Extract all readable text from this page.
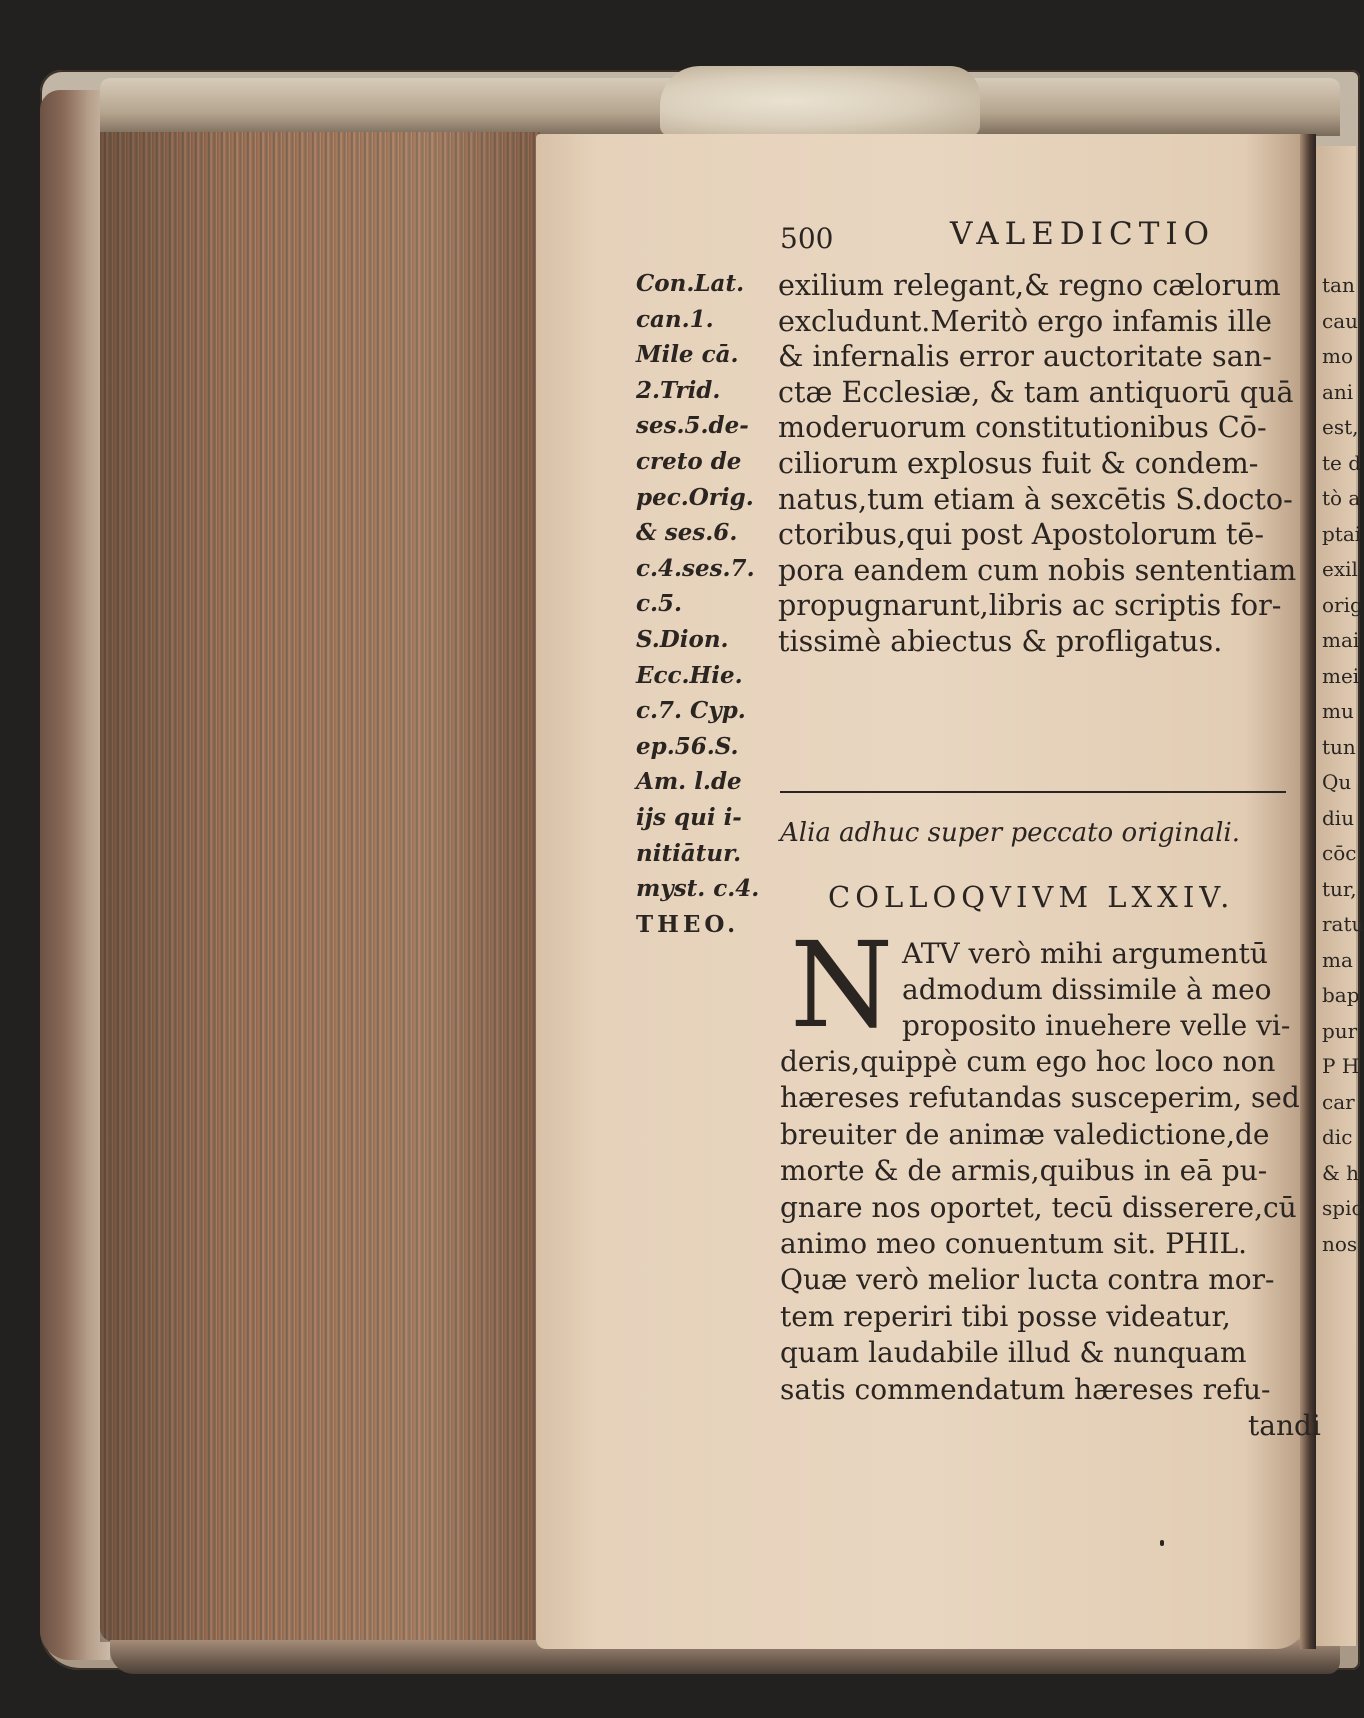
500	VALEDICTIO
Con.Lat.
can.1.
Mile cā.
2.Trid.
ses.5.de-
creto de
pec.Orig.
& ses.6.
c.4.ses.7.
c.5.
S.Dion.
Ecc.Hie.
c.7. Cyp.
ep.56.S.
Am. l.de
ijs qui i-
nitiātur.
myst. c.4.
THEO.
exilium relegant,& regno cælorum
excludunt.Meritò ergo infamis ille
& infernalis error auctoritate san-
ctæ Ecclesiæ, & tam antiquorū quā
moderuorum constitutionibus Cō-
ciliorum explosus fuit & condem-
natus,tum etiam à sexcētis S.docto-
ctoribus,qui post Apostolorum tē-
pora eandem cum nobis sententiam
propugnarunt,libris ac scriptis for-
tissimè abiectus & profligatus.
Alia adhuc super peccato originali.
COLLOQVIVM LXXIV.
N ATV verò mihi argumentū
admodum dissimile à meo
proposito inuehere velle vi-
deris,quippè cum ego hoc loco non
hæreses refutandas susceperim, sed
breuiter de animæ valedictione,de
morte & de armis,quibus in eā pu-
gnare nos oportet, tecū disserere,cū
animo meo conuentum sit. PHIL.
Quæ verò melior lucta contra mor-
tem reperiri tibi posse videatur,
quam laudabile illud & nunquam
satis commendatum hæreses refu-
tandi
tan
cau
mo
ani
est,
te d
tò a
ptai
exil
orig
mai
mei
mu
tun
Qu
diu
cōc
tur,
ratu
ma
bap
pur
P H
car
dic
& h
spic
nos
